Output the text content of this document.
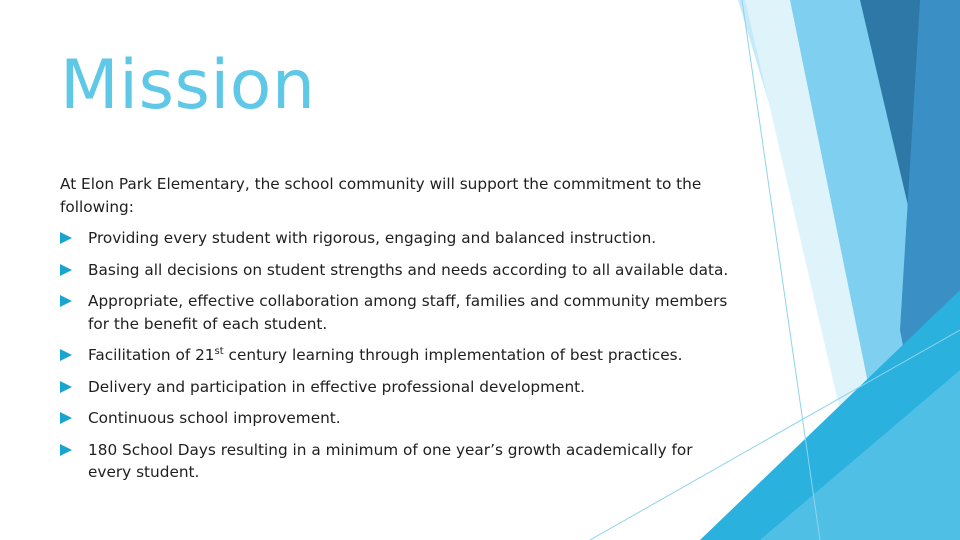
Mission
At Elon Park Elementary, the school community will support the commitment to the following:
Providing every student with rigorous, engaging and balanced instruction.
Basing all decisions on student strengths and needs according to all available data.
Appropriate, effective collaboration among staff, families and community members for the benefit of each student.
Facilitation of 21st century learning through implementation of best practices.
Delivery and participation in effective professional development.
Continuous school improvement.
180 School Days resulting in a minimum of one year’s growth academically for every student.
